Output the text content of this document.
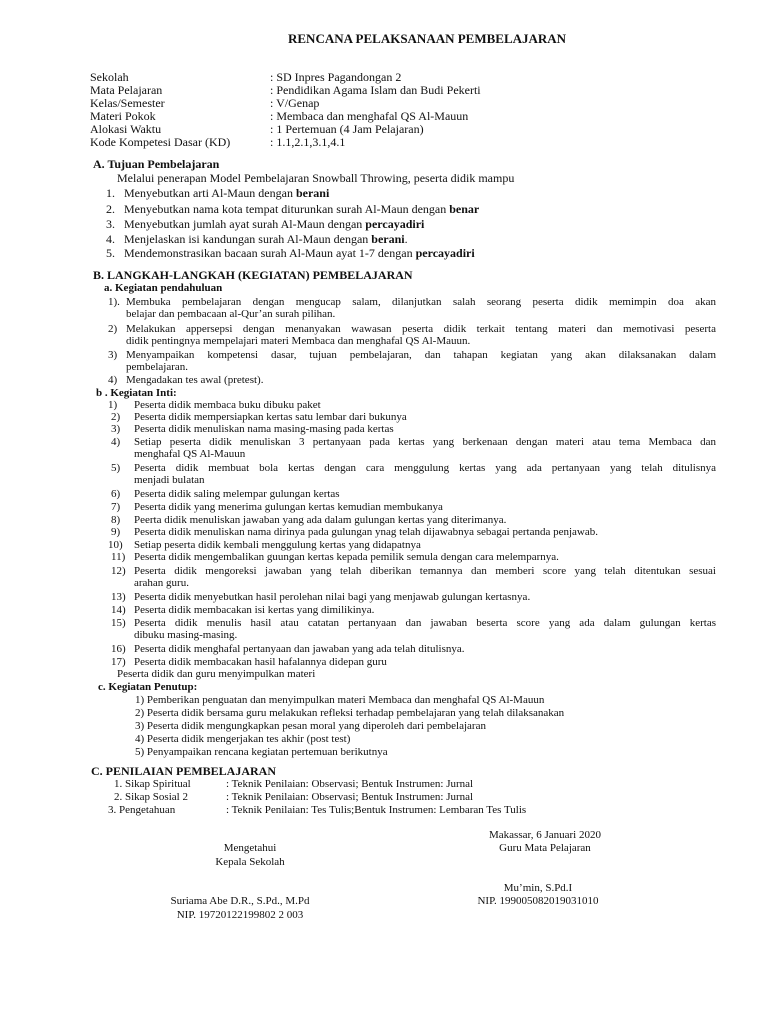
RENCANA PELAKSANAAN PEMBELAJARAN
Sekolah	: SD Inpres Pagandongan 2
Mata Pelajaran	: Pendidikan Agama Islam dan Budi Pekerti
Kelas/Semester	: V/Genap
Materi Pokok	: Membaca dan menghafal QS Al-Mauun
Alokasi Waktu	: 1 Pertemuan (4 Jam Pelajaran)
Kode Kompetesi Dasar (KD)	: 1.1,2.1,3.1,4.1
A. Tujuan Pembelajaran
Melalui penerapan Model Pembelajaran Snowball Throwing, peserta didik mampu
1. Menyebutkan arti Al-Maun dengan berani
2. Menyebutkan nama kota tempat diturunkan surah Al-Maun dengan benar
3. Menyebutkan jumlah ayat surah Al-Maun dengan percayadiri
4. Menjelaskan isi kandungan surah Al-Maun dengan berani.
5. Mendemonstrasikan bacaan surah Al-Maun ayat 1-7 dengan percayadiri
B. LANGKAH-LANGKAH (KEGIATAN) PEMBELAJARAN
a. Kegiatan pendahuluan
1). Membuka pembelajaran dengan mengucap salam, dilanjutkan salah seorang peserta didik memimpin doa akan
belajar dan pembacaan al-Qur’an surah pilihan.
2) Melakukan appersepsi dengan menanyakan wawasan peserta didik terkait tentang materi dan memotivasi peserta
didik pentingnya mempelajari materi Membaca dan menghafal QS Al-Mauun.
3) Menyampaikan kompetensi dasar, tujuan pembelajaran, dan tahapan kegiatan yang akan dilaksanakan dalam
pembelajaran.
4) Mengadakan tes awal (pretest).
b . Kegiatan Inti:
1) Peserta didik membaca buku dibuku paket
2) Peserta didik mempersiapkan kertas satu lembar dari bukunya
3) Peserta didik menuliskan nama masing-masing pada kertas
4) Setiap peserta didik menuliskan 3 pertanyaan pada kertas yang berkenaan dengan materi atau tema Membaca dan
menghafal QS Al-Mauun
5) Peserta didik membuat bola kertas dengan cara menggulung kertas yang ada pertanyaan yang telah ditulisnya
menjadi bulatan
6) Peserta didik saling melempar gulungan kertas
7) Peserta didik yang menerima gulungan kertas kemudian membukanya
8) Peerta didik menuliskan jawaban yang ada dalam gulungan kertas yang diterimanya.
9) Peserta didik menuliskan nama dirinya pada gulungan ynag telah dijawabnya sebagai pertanda penjawab.
10) Setiap peserta didik kembali menggulung kertas yang didapatnya
11) Peserta didik mengembalikan guungan kertas kepada pemilik semula dengan cara melemparnya.
12) Peserta didik mengoreksi jawaban yang telah diberikan temannya dan memberi score yang telah ditentukan sesuai
arahan guru.
13) Peserta didik menyebutkan hasil perolehan nilai bagi yang menjawab gulungan kertasnya.
14) Peserta didik membacakan isi kertas yang dimilikinya.
15) Peserta didik menulis hasil atau catatan pertanyaan dan jawaban beserta score yang ada dalam gulungan kertas
dibuku masing-masing.
16) Peserta didik menghafal pertanyaan dan jawaban yang ada telah ditulisnya.
17) Peserta didik membacakan hasil hafalannya didepan guru
Peserta didik dan guru menyimpulkan materi
c. Kegiatan Penutup:
1) Pemberikan penguatan dan menyimpulkan materi Membaca dan menghafal QS Al-Mauun
2) Peserta didik bersama guru melakukan refleksi terhadap pembelajaran yang telah dilaksanakan
3) Peserta didik mengungkapkan pesan moral yang diperoleh dari pembelajaran
4) Peserta didik mengerjakan tes akhir (post test)
5) Penyampaikan rencana kegiatan pertemuan berikutnya
C. PENILAIAN PEMBELAJARAN
1. Sikap Spiritual	: Teknik Penilaian: Observasi; Bentuk Instrumen: Jurnal
2. Sikap Sosial 2	: Teknik Penilaian: Observasi; Bentuk Instrumen: Jurnal
3. Pengetahuan	: Teknik Penilaian: Tes Tulis;Bentuk Instrumen: Lembaran Tes Tulis
Mengetahui
Kepala Sekolah
Suriama Abe D.R., S.Pd., M.Pd
NIP. 19720122199802 2 003
Makassar, 6 Januari 2020
Guru Mata Pelajaran
Mu’min, S.Pd.I
NIP. 199005082019031010
